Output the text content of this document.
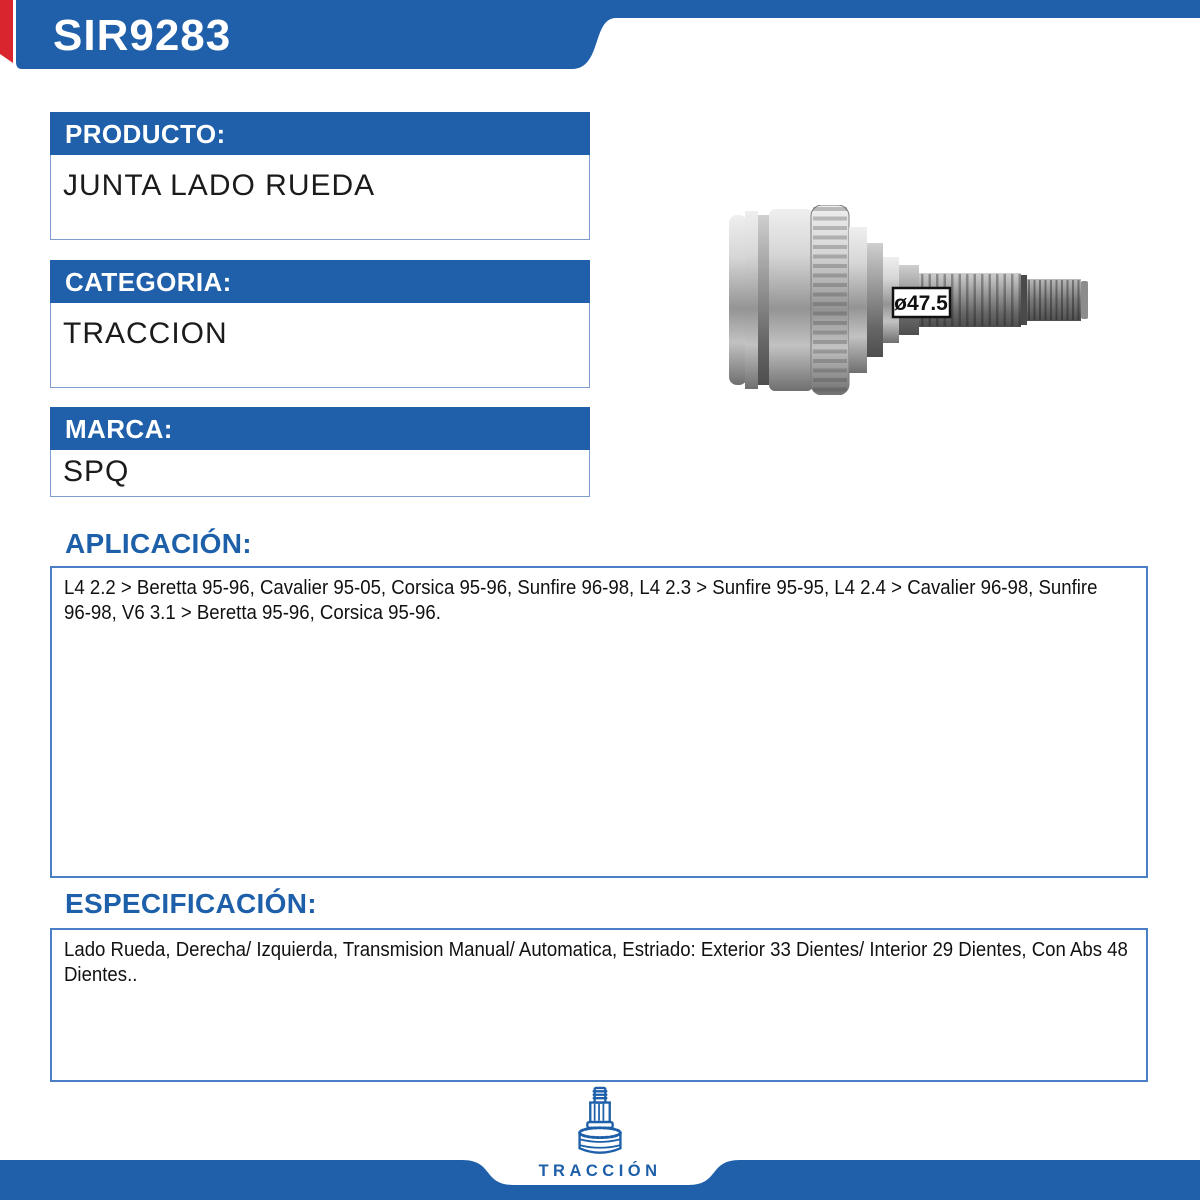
SIR9283
PRODUCTO:
JUNTA LADO RUEDA
CATEGORIA:
TRACCION
MARCA:
SPQ
ø47.5
APLICACIÓN:
L4 2.2 > Beretta 95-96, Cavalier 95-05, Corsica 95-96, Sunfire 96-98, L4 2.3 > Sunfire 95-95, L4 2.4 > Cavalier 96-98, Sunfire 96-98, V6 3.1 > Beretta 95-96, Corsica 95-96.
ESPECIFICACIÓN:
Lado Rueda, Derecha/ Izquierda, Transmision Manual/ Automatica, Estriado: Exterior 33 Dientes/ Interior 29 Dientes, Con Abs 48 Dientes..
TRACCIÓN
